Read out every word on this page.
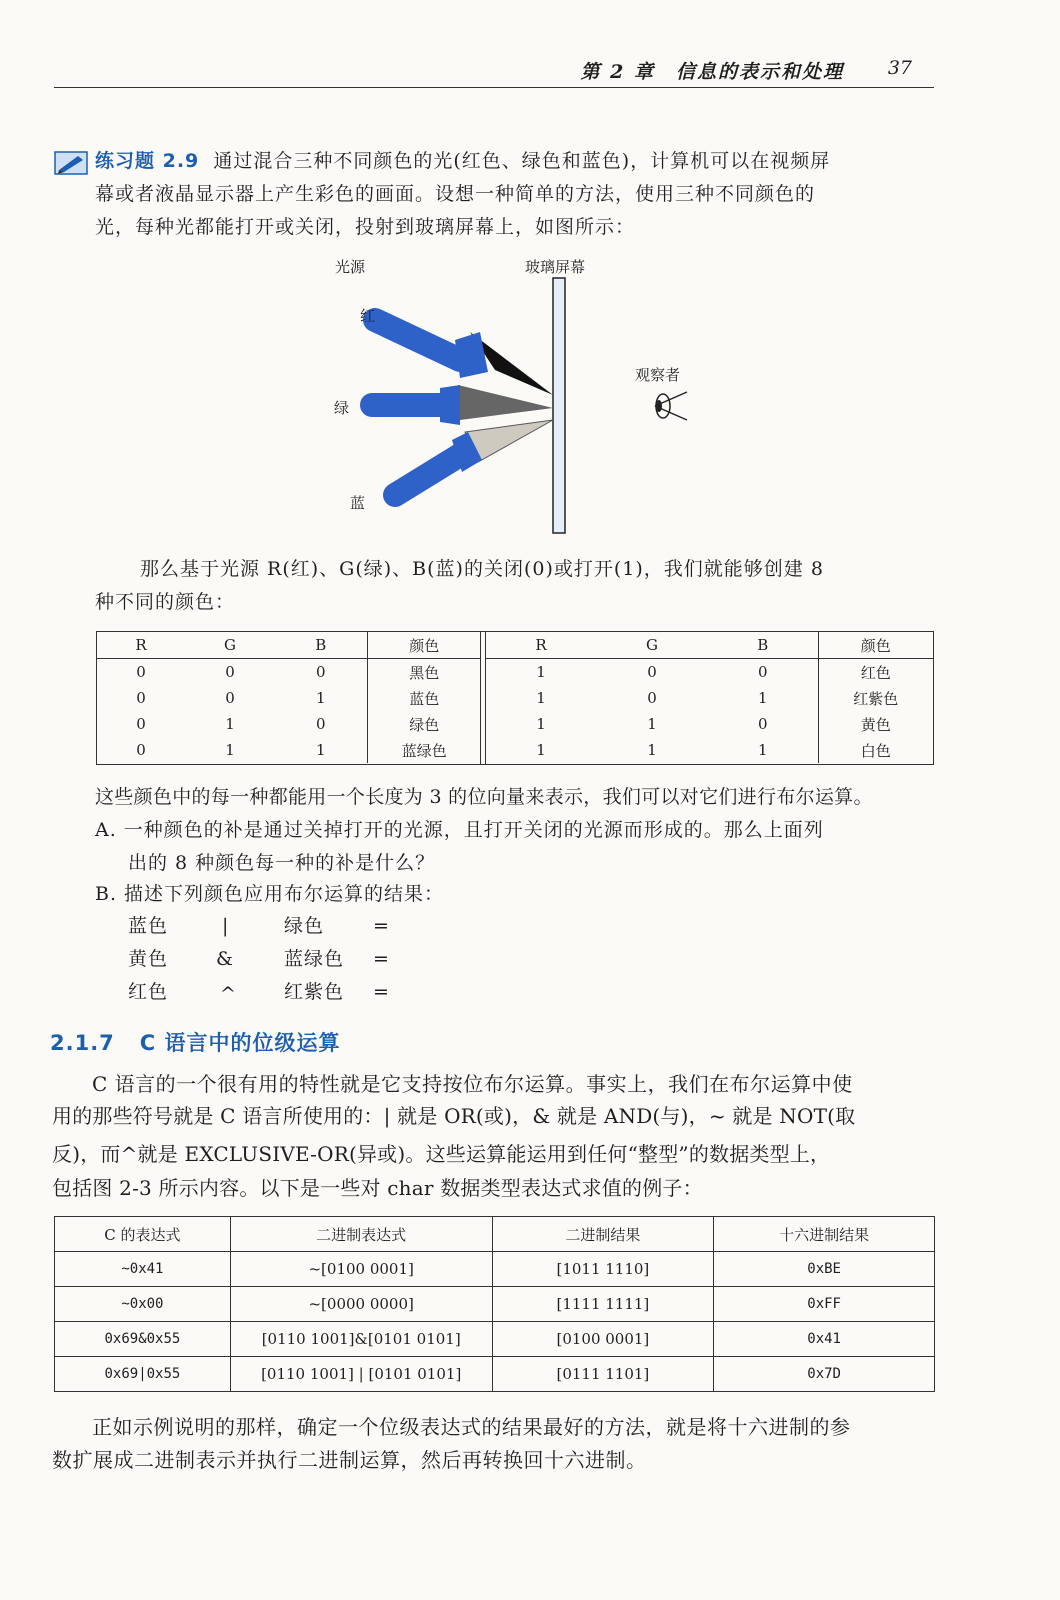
第 2 章　信息的表示和处理 37
练习题 2.9 通过混合三种不同颜色的光(红色、绿色和蓝色)，计算机可以在视频屏
幕或者液晶显示器上产生彩色的画面。设想一种简单的方法，使用三种不同颜色的
光，每种光都能打开或关闭，投射到玻璃屏幕上，如图所示：
光源	玻璃屏幕
红
绿
蓝
观察者
那么基于光源 R(红)、G(绿)、B(蓝)的关闭(0)或打开(1)，我们就能够创建 8
种不同的颜色：
R	G	B	颜色
0	0	0	黑色
0	0	1	蓝色
0	1	0	绿色
0	1	1	蓝绿色
R	G	B	颜色
1	0	0	红色
1	0	1	红紫色
1	1	0	黄色
1	1	1	白色
这些颜色中的每一种都能用一个长度为 3 的位向量来表示，我们可以对它们进行布尔运算。
A. 一种颜色的补是通过关掉打开的光源，且打开关闭的光源而形成的。那么上面列
出的 8 种颜色每一种的补是什么？
B. 描述下列颜色应用布尔运算的结果：
蓝色	|	绿色	=
黄色	&	蓝绿色 =
红色	^ 红紫色 =
2.1.7 C 语言中的位级运算
C 语言的一个很有用的特性就是它支持按位布尔运算。事实上，我们在布尔运算中使
用的那些符号就是 C 语言所使用的：| 就是 OR(或)，& 就是 AND(与)，~ 就是 NOT(取
反)，而^就是 EXCLUSIVE-OR(异或)。这些运算能运用到任何“整型”的数据类型上，
包括图 2-3 所示内容。以下是一些对 char 数据类型表达式求值的例子：
C 的表达式	二进制表达式	二进制结果	十六进制结果
~0x41	~[0100 0001]	[1011 1110]	0xBE
~0x00	~[0000 0000]	[1111 1111]	0xFF
0x69&0x55	[0110 1001]&[0101 0101]	[0100 0001]	0x41
0x69|0x55	[0110 1001] | [0101 0101]	[0111 1101]	0x7D
正如示例说明的那样，确定一个位级表达式的结果最好的方法，就是将十六进制的参
数扩展成二进制表示并执行二进制运算，然后再转换回十六进制。
